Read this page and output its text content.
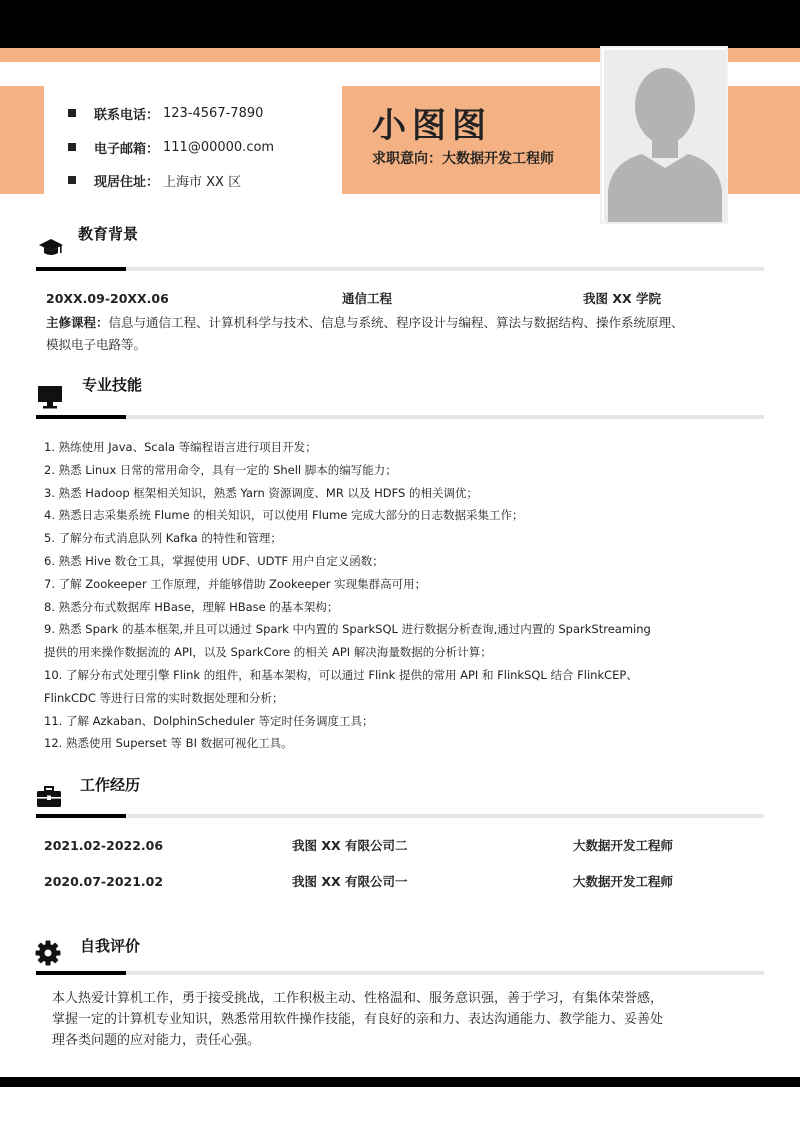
联系电话： 123-4567-7890
电子邮箱： 111@00000.com
现居住址： 上海市 XX 区
小图图
求职意向：大数据开发工程师
教育背景
20XX.09-20XX.06	通信工程	我图 XX 学院
主修课程：信息与通信工程、计算机科学与技术、信息与系统、程序设计与编程、算法与数据结构、操作系统原理、
模拟电子电路等。
专业技能
1. 熟练使用 Java、Scala 等编程语言进行项目开发；
2. 熟悉 Linux 日常的常用命令，具有一定的 Shell 脚本的编写能力；
3. 熟悉 Hadoop 框架相关知识，熟悉 Yarn 资源调度、MR 以及 HDFS 的相关调优；
4. 熟悉日志采集系统 Flume 的相关知识，可以使用 Flume 完成大部分的日志数据采集工作；
5. 了解分布式消息队列 Kafka 的特性和管理；
6. 熟悉 Hive 数仓工具，掌握使用 UDF、UDTF 用户自定义函数；
7. 了解 Zookeeper 工作原理，并能够借助 Zookeeper 实现集群高可用；
8. 熟悉分布式数据库 HBase，理解 HBase 的基本架构；
9. 熟悉 Spark 的基本框架,并且可以通过 Spark 中内置的 SparkSQL 进行数据分析查询,通过内置的 SparkStreaming
提供的用来操作数据流的 API，以及 SparkCore 的相关 API 解决海量数据的分析计算；
10. 了解分布式处理引擎 Flink 的组件，和基本架构，可以通过 Flink 提供的常用 API 和 FlinkSQL 结合 FlinkCEP、
FlinkCDC 等进行日常的实时数据处理和分析；
11. 了解 Azkaban、DolphinScheduler 等定时任务调度工具；
12. 熟悉使用 Superset 等 BI 数据可视化工具。
工作经历
2021.02-2022.06	我图 XX 有限公司二	大数据开发工程师
2020.07-2021.02	我图 XX 有限公司一	大数据开发工程师
自我评价
本人热爱计算机工作，勇于接受挑战，工作积极主动、性格温和、服务意识强，善于学习，有集体荣誉感，
掌握一定的计算机专业知识，熟悉常用软件操作技能，有良好的亲和力、表达沟通能力、教学能力、妥善处
理各类问题的应对能力，责任心强。
